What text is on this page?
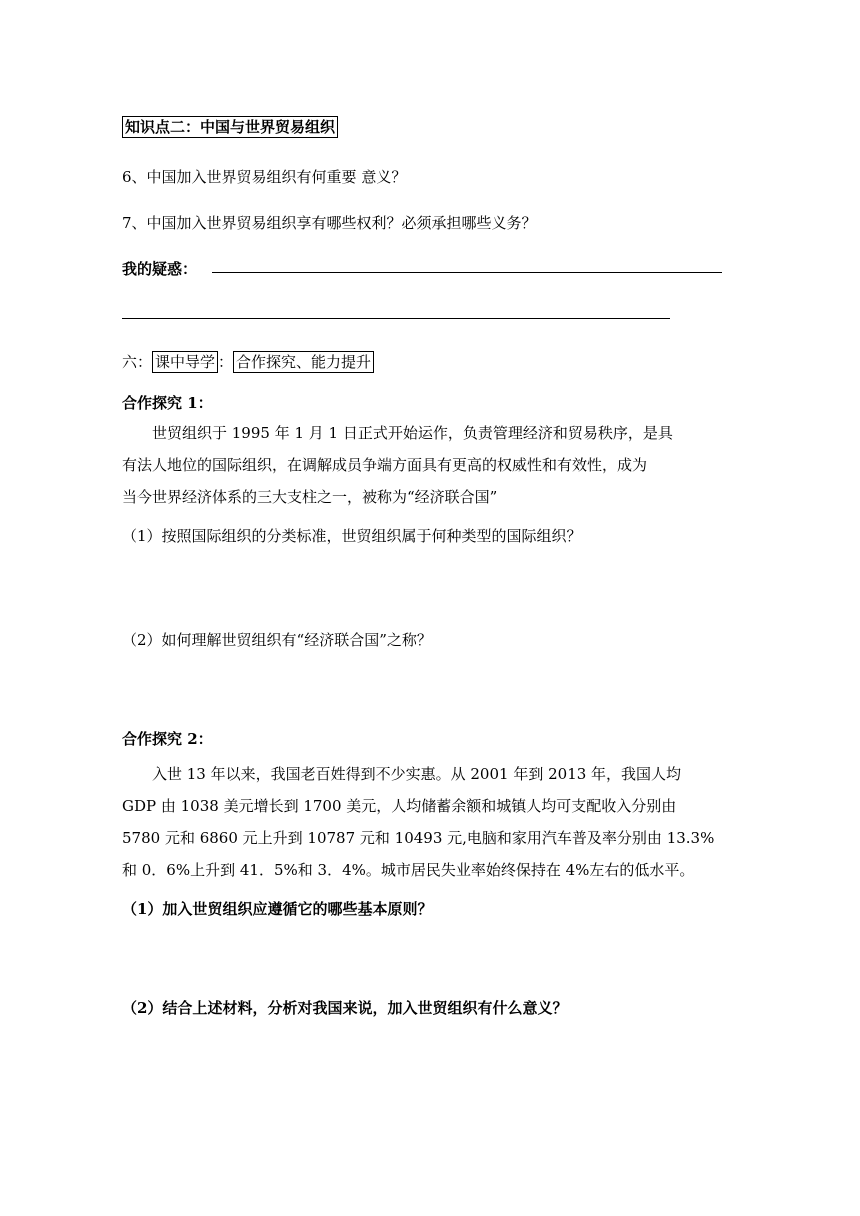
知识点二：中国与世界贸易组织
6、中国加入世界贸易组织有何重要 意义？
7、中国加入世界贸易组织享有哪些权利？必须承担哪些义务？
我的疑惑：
六： 课中导学 ： 合作探究、能力提升
合作探究 1：
世贸组织于 1995 年 1 月 1 日正式开始运作，负责管理经济和贸易秩序，是具
有法人地位的国际组织，在调解成员争端方面具有更高的权威性和有效性，成为
当今世界经济体系的三大支柱之一，被称为“经济联合国”
（1）按照国际组织的分类标准，世贸组织属于何种类型的国际组织？
（2）如何理解世贸组织有“经济联合国”之称？
合作探究 2：
入世 13 年以来，我国老百姓得到不少实惠。从 2001 年到 2013 年，我国人均
GDP 由 1038 美元增长到 1700 美元，人均储蓄余额和城镇人均可支配收入分别由
5780 元和 6860 元上升到 10787 元和 10493 元,电脑和家用汽车普及率分别由 13.3%
和 0．6%上升到 41．5%和 3．4%。城市居民失业率始终保持在 4%左右的低水平。
（1）加入世贸组织应遵循它的哪些基本原则？
（2）结合上述材料，分析对我国来说，加入世贸组织有什么意义？
